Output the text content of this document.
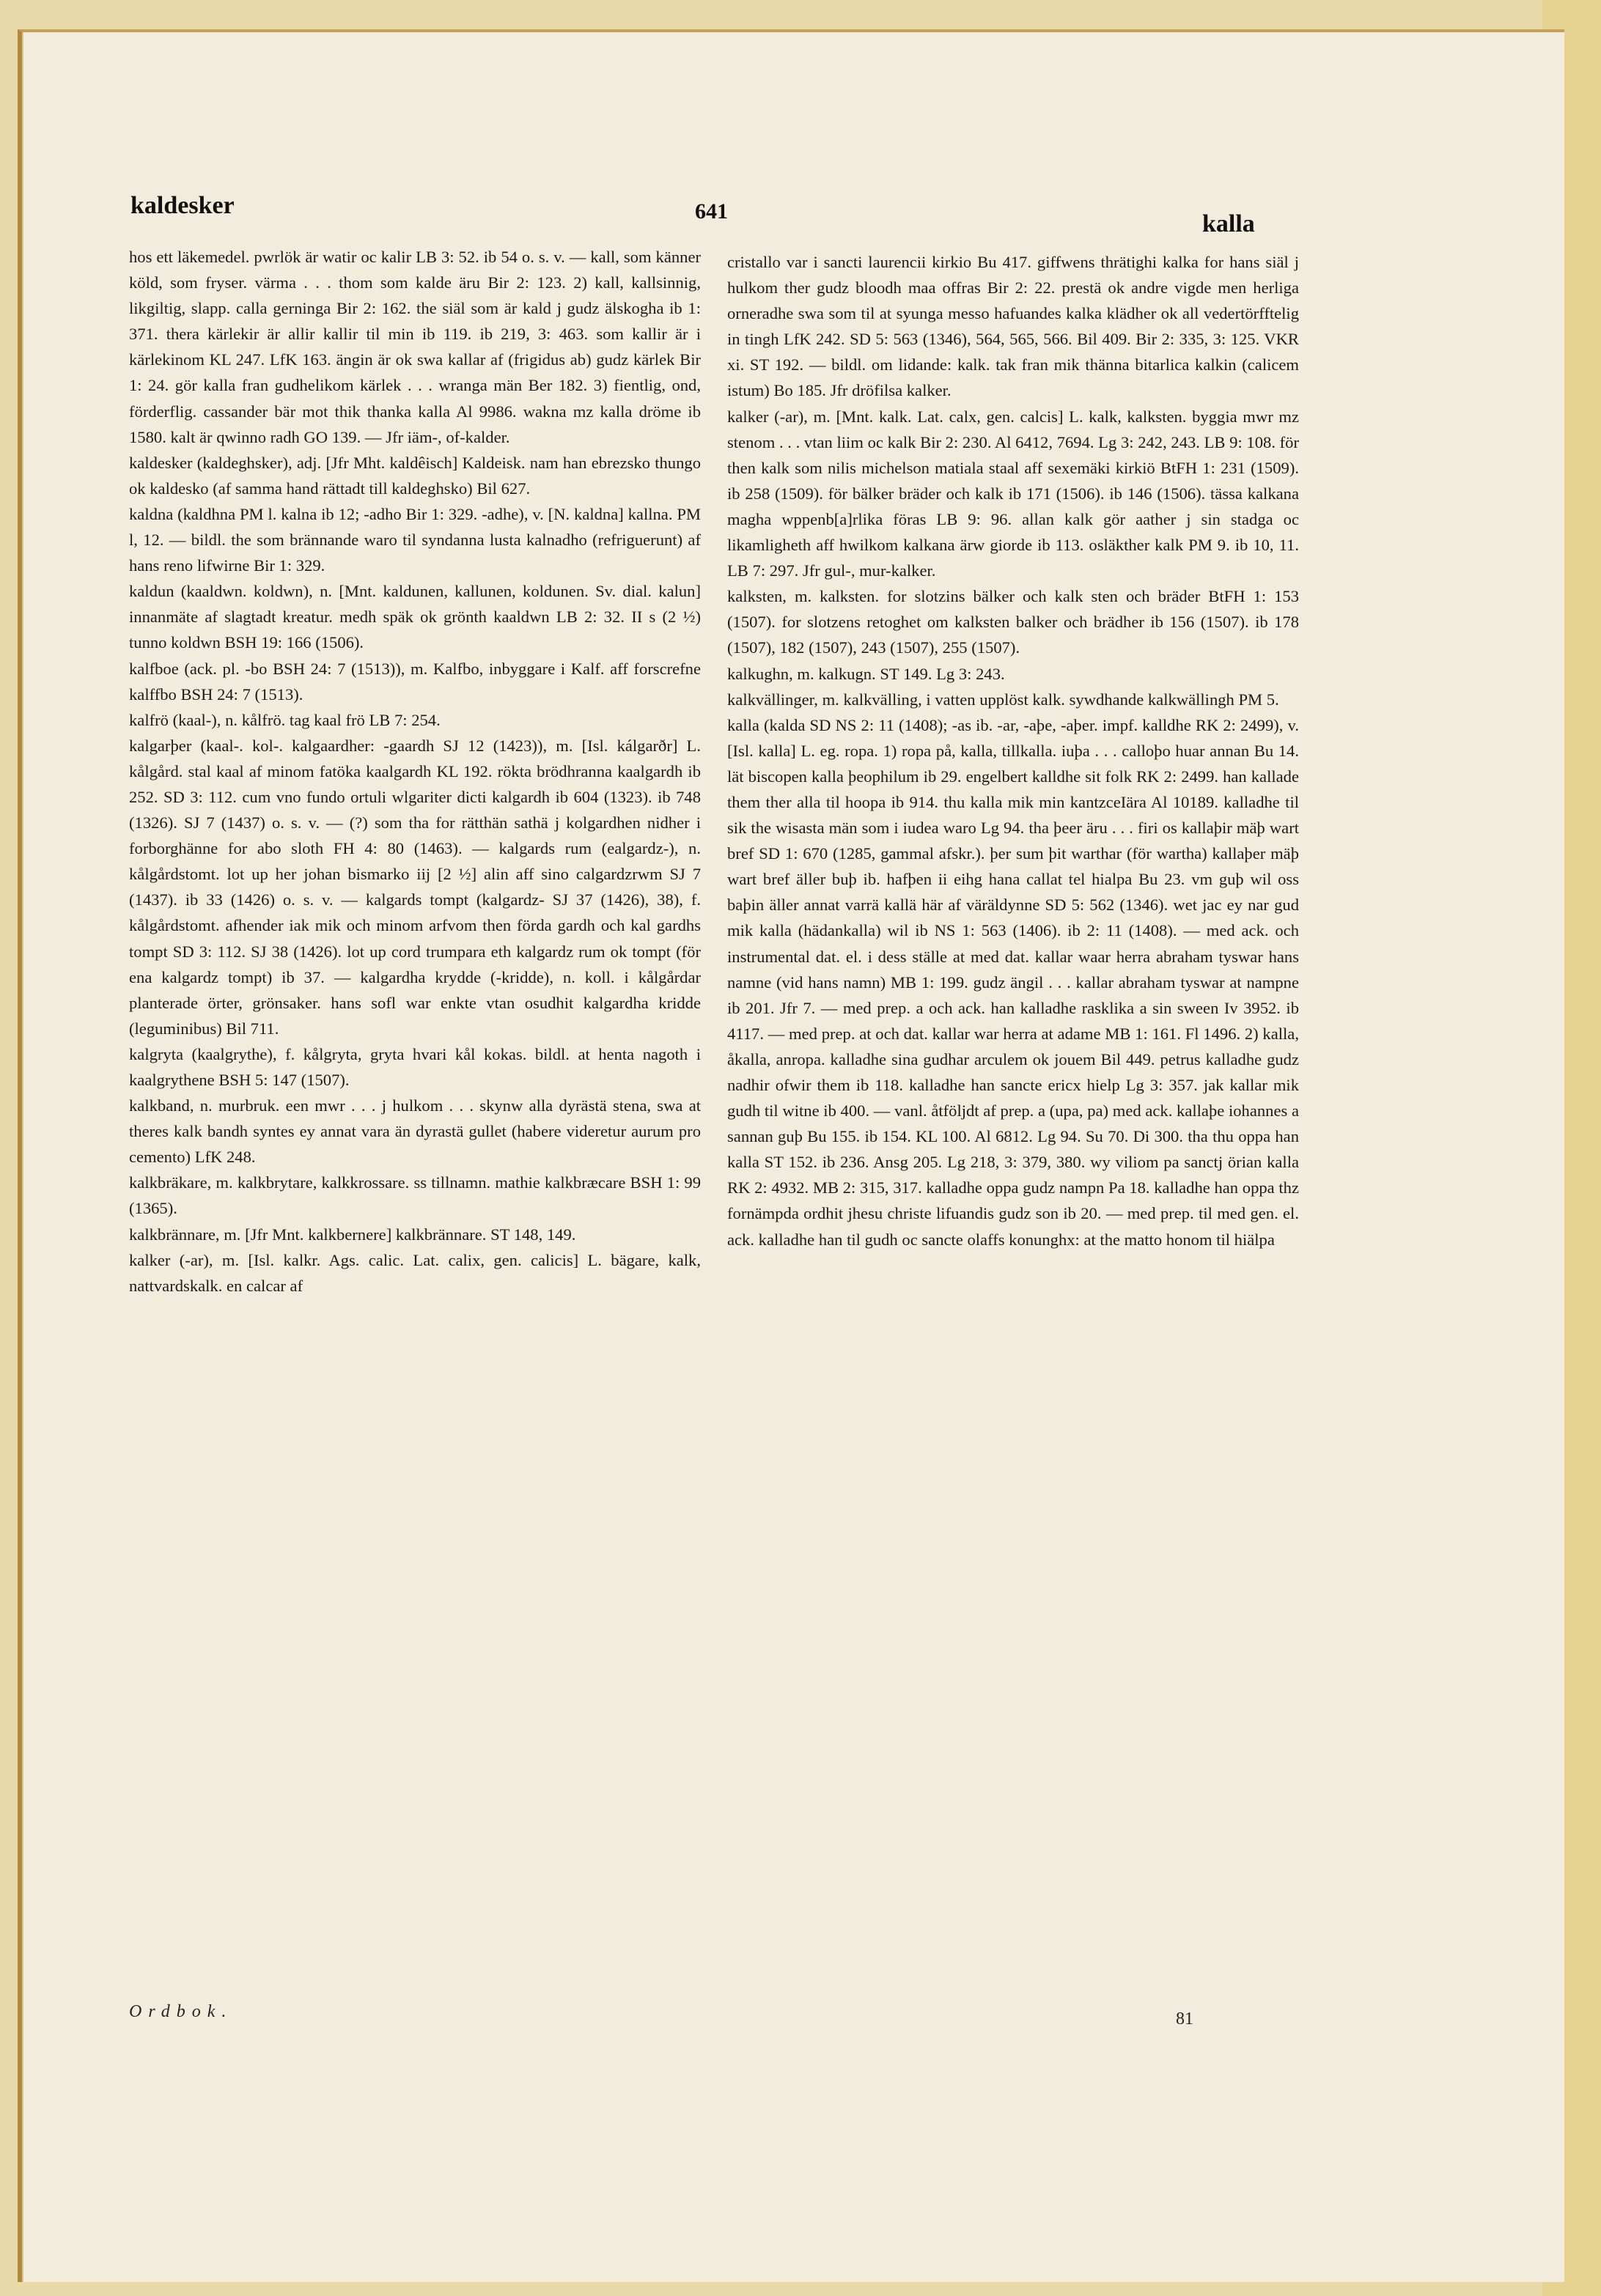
kaldesker	641	kalla

hos ett läkemedel. pwrlök är watir oc kalir LB 3: 52. ib 54 o. s. v. — kall, som känner köld, som fryser. värma . . . thom som kalde äru Bir 2: 123. 2) kall, kallsinnig, likgiltig, slapp. calla gerninga Bir 2: 162. the siäl som är kald j gudz älskogha ib 1: 371. thera kärlekir är allir kallir til min ib 119. ib 219, 3: 463. som kallir är i kärlekinom KL 247. LfK 163. ängin är ok swa kallar af (frigidus ab) gudz kärlek Bir 1: 24. gör kalla fran gudhelikom kärlek . . . wranga män Ber 182. 3) fientlig, ond, förderflig. cassander bär mot thik thanka kalla Al 9986. wakna mz kalla dröme ib 1580. kalt är qwinno radh GO 139. — Jfr iäm-, of-kalder.

kaldesker (kaldeghsker), adj. [Jfr Mht. kaldêisch] Kaldeisk. nam han ebrezsko thungo ok kaldesko (af samma hand rättadt till kaldeghsko) Bil 627.

kaldna (kaldhna PM l. kalna ib 12; -adho Bir 1: 329. -adhe), v. [N. kaldna] kallna. PM l, 12. — bildl. the som brännande waro til syndanna lusta kalnadho (refriguerunt) af hans reno lifwirne Bir 1: 329.

kaldun (kaaldwn. koldwn), n. [Mnt. kaldunen, kallunen, koldunen. Sv. dial. kalun] innanmäte af slagtadt kreatur. medh späk ok grönth kaaldwn LB 2: 32. II s (2 ½) tunno koldwn BSH 19: 166 (1506).

kalfboe (ack. pl. -bo BSH 24: 7 (1513)), m. Kalfbo, inbyggare i Kalf. aff forscrefne kalffbo BSH 24: 7 (1513).

kalfrö (kaal-), n. kålfrö. tag kaal frö LB 7: 254.

kalgarþer (kaal-. kol-. kalgaardher: -gaardh SJ 12 (1423)), m. [Isl. kálgarðr] L. kålgård. stal kaal af minom fatöka kaalgardh KL 192. rökta brödhranna kaalgardh ib 252. SD 3: 112. cum vno fundo ortuli wlgariter dicti kalgardh ib 604 (1323). ib 748 (1326). SJ 7 (1437) o. s. v. — (?) som tha for rätthän sathä j kolgardhen nidher i forborghänne for abo sloth FH 4: 80 (1463). — kalgards rum (ealgardz-), n. kålgårdstomt. lot up her johan bismarko iij [2 ½] alin aff sino calgardzrwm SJ 7 (1437). ib 33 (1426) o. s. v. — kalgards tompt (kalgardz- SJ 37 (1426), 38), f. kålgårdstomt. afhender iak mik och minom arfvom then förda gardh och kal gardhs tompt SD 3: 112. SJ 38 (1426). lot up cord trumpara eth kalgardz rum ok tompt (för ena kalgardz tompt) ib 37. — kalgardha krydde (-kridde), n. koll. i kålgårdar planterade örter, grönsaker. hans sofl war enkte vtan osudhit kalgardha kridde (leguminibus) Bil 711.

kalgryta (kaalgrythe), f. kålgryta, gryta hvari kål kokas. bildl. at henta nagoth i kaalgrythene BSH 5: 147 (1507).

kalkband, n. murbruk. een mwr . . . j hulkom . . . skynw alla dyrästä stena, swa at theres kalk bandh syntes ey annat vara än dyrastä gullet (habere videretur aurum pro cemento) LfK 248.

kalkbräkare, m. kalkbrytare, kalkkrossare. ss tillnamn. mathie kalkbræcare BSH 1: 99 (1365).

kalkbrännare, m. [Jfr Mnt. kalkbernere] kalkbrännare. ST 148, 149.

kalker (-ar), m. [Isl. kalkr. Ags. calic. Lat. calix, gen. calicis] L. bägare, kalk, nattvardskalk. en calcar af

cristallo var i sancti laurencii kirkio Bu 417. giffwens thrätighi kalka for hans siäl j hulkom ther gudz bloodh maa offras Bir 2: 22. prestä ok andre vigde men herliga orneradhe swa som til at syunga messo hafuandes kalka klädher ok all vedertörfftelig in tingh LfK 242. SD 5: 563 (1346), 564, 565, 566. Bil 409. Bir 2: 335, 3: 125. VKR xi. ST 192. — bildl. om lidande: kalk. tak fran mik thänna bitarlica kalkin (calicem istum) Bo 185. Jfr dröfilsa kalker.

kalker (-ar), m. [Mnt. kalk. Lat. calx, gen. calcis] L. kalk, kalksten. byggia mwr mz stenom . . . vtan liim oc kalk Bir 2: 230. Al 6412, 7694. Lg 3: 242, 243. LB 9: 108. för then kalk som nilis michelson matiala staal aff sexemäki kirkiö BtFH 1: 231 (1509). ib 258 (1509). för bälker bräder och kalk ib 171 (1506). ib 146 (1506). tässa kalkana magha wppenb[a]rlika föras LB 9: 96. allan kalk gör aather j sin stadga oc likamligheth aff hwilkom kalkana ärw giorde ib 113. osläkther kalk PM 9. ib 10, 11. LB 7: 297. Jfr gul-, mur-kalker.

kalksten, m. kalksten. for slotzins bälker och kalk sten och bräder BtFH 1: 153 (1507). for slotzens retoghet om kalksten balker och brädher ib 156 (1507). ib 178 (1507), 182 (1507), 243 (1507), 255 (1507).

kalkughn, m. kalkugn. ST 149. Lg 3: 243.

kalkvällinger, m. kalkvälling, i vatten upplöst kalk. sywdhande kalkwällingh PM 5.

kalla (kalda SD NS 2: 11 (1408); -as ib. -ar, -aþe, -aþer. impf. kalldhe RK 2: 2499), v. [Isl. kalla] L. eg. ropa. 1) ropa på, kalla, tillkalla. iuþa . . . calloþo huar annan Bu 14. lät biscopen kalla þeophilum ib 29. engelbert kalldhe sit folk RK 2: 2499. han kallade them ther alla til hoopa ib 914. thu kalla mik min kantzceIära Al 10189. kalladhe til sik the wisasta män som i iudea waro Lg 94. tha þeer äru . . . firi os kallaþir mäþ wart bref SD 1: 670 (1285, gammal afskr.). þer sum þit warthar (för wartha) kallaþer mäþ wart bref äller buþ ib. hafþen ii eihg hana callat tel hialpa Bu 23. vm guþ wil oss baþin äller annat varrä kallä här af väräldynne SD 5: 562 (1346). wet jac ey nar gud mik kalla (hädankalla) wil ib NS 1: 563 (1406). ib 2: 11 (1408). — med ack. och instrumental dat. el. i dess ställe at med dat. kallar waar herra abraham tyswar hans namne (vid hans namn) MB 1: 199. gudz ängil . . . kallar abraham tyswar at nampne ib 201. Jfr 7. — med prep. a och ack. han kalladhe rasklika a sin sween Iv 3952. ib 4117. — med prep. at och dat. kallar war herra at adame MB 1: 161. Fl 1496. 2) kalla, åkalla, anropa. kalladhe sina gudhar arculem ok jouem Bil 449. petrus kalladhe gudz nadhir ofwir them ib 118. kalladhe han sancte ericx hielp Lg 3: 357. jak kallar mik gudh til witne ib 400. — vanl. åtföljdt af prep. a (upa, pa) med ack. kallaþe iohannes a sannan guþ Bu 155. ib 154. KL 100. Al 6812. Lg 94. Su 70. Di 300. tha thu oppa han kalla ST 152. ib 236. Ansg 205. Lg 218, 3: 379, 380. wy viliom pa sanctj örian kalla RK 2: 4932. MB 2: 315, 317. kalladhe oppa gudz nampn Pa 18. kalladhe han oppa thz fornämpda ordhit jhesu christe lifuandis gudz son ib 20. — med prep. til med gen. el. ack. kalladhe han til gudh oc sancte olaffs konunghx: at the matto honom til hiälpa

Ordbok.	81
